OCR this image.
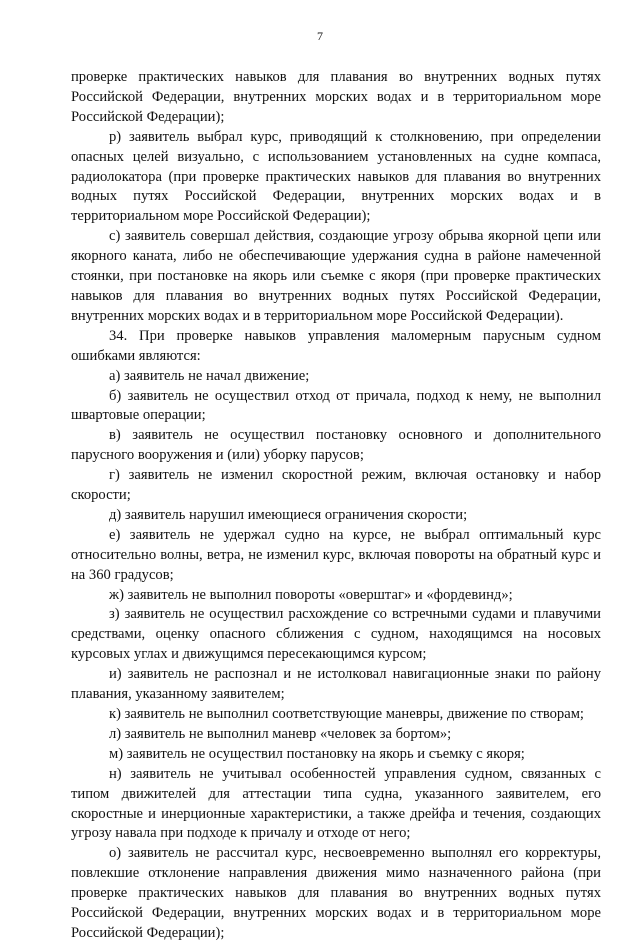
7

проверке практических навыков для плавания во внутренних водных путях Российской Федерации, внутренних морских водах и в территориальном море Российской Федерации);

р) заявитель выбрал курс, приводящий к столкновению, при определении опасных целей визуально, с использованием установленных на судне компаса, радиолокатора (при проверке практических навыков для плавания во внутренних водных путях Российской Федерации, внутренних морских водах и в территориальном море Российской Федерации);

с) заявитель совершал действия, создающие угрозу обрыва якорной цепи или якорного каната, либо не обеспечивающие удержания судна в районе намеченной стоянки, при постановке на якорь или съемке с якоря (при проверке практических навыков для плавания во внутренних водных путях Российской Федерации, внутренних морских водах и в территориальном море Российской Федерации).

34. При проверке навыков управления маломерным парусным судном ошибками являются:

а) заявитель не начал движение;

б) заявитель не осуществил отход от причала, подход к нему, не выполнил швартовые операции;

в) заявитель не осуществил постановку основного и дополнительного парусного вооружения и (или) уборку парусов;

г) заявитель не изменил скоростной режим, включая остановку и набор скорости;

д) заявитель нарушил имеющиеся ограничения скорости;

е) заявитель не удержал судно на курсе, не выбрал оптимальный курс относительно волны, ветра, не изменил курс, включая повороты на обратный курс и на 360 градусов;

ж) заявитель не выполнил повороты «оверштаг» и «фордевинд»;

з) заявитель не осуществил расхождение со встречными судами и плавучими средствами, оценку опасного сближения с судном, находящимся на носовых курсовых углах и движущимся пересекающимся курсом;

и) заявитель не распознал и не истолковал навигационные знаки по району плавания, указанному заявителем;

к) заявитель не выполнил соответствующие маневры, движение по створам;

л) заявитель не выполнил маневр «человек за бортом»;

м) заявитель не осуществил постановку на якорь и съемку с якоря;

н) заявитель не учитывал особенностей управления судном, связанных с типом движителей для аттестации типа судна, указанного заявителем, его скоростные и инерционные характеристики, а также дрейфа и течения, создающих угрозу навала при подходе к причалу и отходе от него;

о) заявитель не рассчитал курс, несвоевременно выполнял его корректуры, повлекшие отклонение направления движения мимо назначенного района (при проверке практических навыков для плавания во внутренних водных путях Российской Федерации, внутренних морских водах и в территориальном море Российской Федерации);
